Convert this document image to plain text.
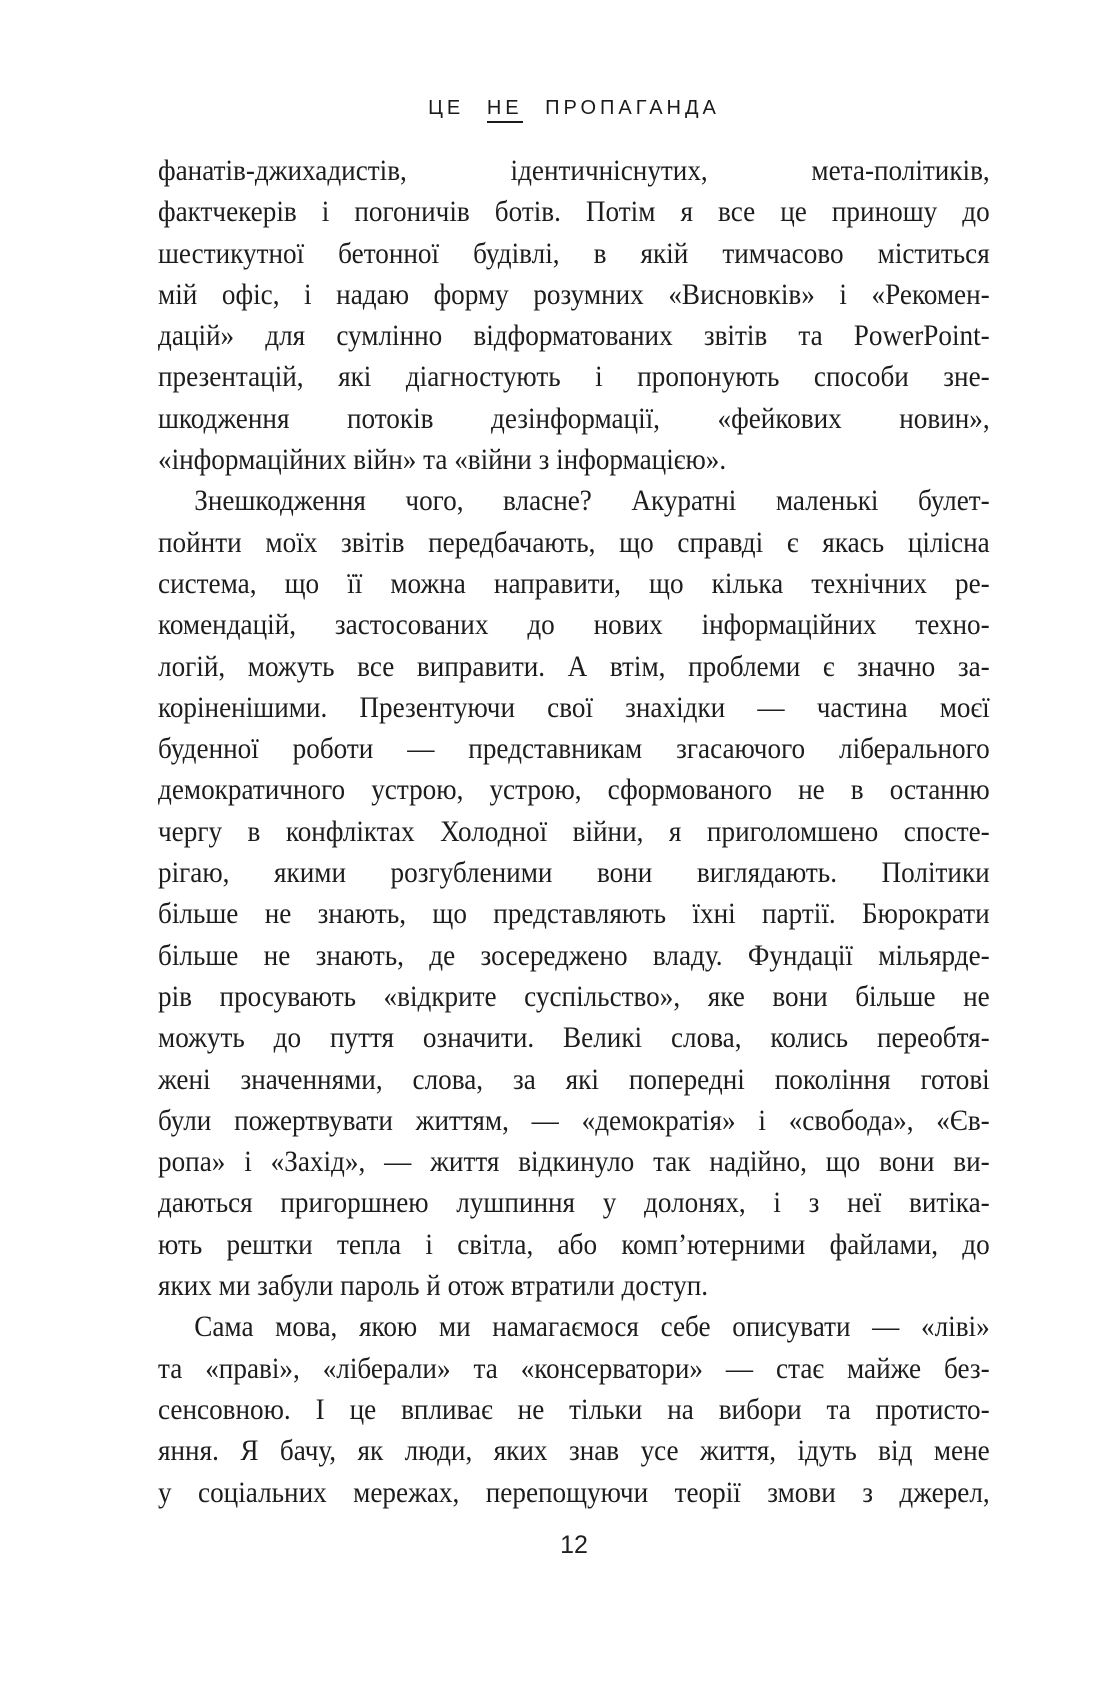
ЦЕ НЕ ПРОПАГАНДА
фанатів-джихадистів, ідентичніснутих, мета-політиків,
фактчекерів і погоничів ботів. Потім я все це приношу до
шестикутної бетонної будівлі, в якій тимчасово міститься
мій офіс, і надаю форму розумних «Висновків» і «Рекомен-
дацій» для сумлінно відформатованих звітів та PowerPoint-
презентацій, які діагностують і пропонують способи зне-
шкодження потоків дезінформації, «фейкових новин»,
«інформаційних війн» та «війни з інформацією».
Знешкодження чого, власне? Акуратні маленькі булет-
пойнти моїх звітів передбачають, що справді є якась цілісна
система, що її можна направити, що кілька технічних ре-
комендацій, застосованих до нових інформаційних техно-
логій, можуть все виправити. А втім, проблеми є значно за-
коріненішими. Презентуючи свої знахідки — частина моєї
буденної роботи — представникам згасаючого ліберального
демократичного устрою, устрою, сформованого не в останню
чергу в конфліктах Холодної війни, я приголомшено спосте-
рігаю, якими розгубленими вони виглядають. Політики
більше не знають, що представляють їхні партії. Бюрократи
більше не знають, де зосереджено владу. Фундації мільярде-
рів просувають «відкрите суспільство», яке вони більше не
можуть до пуття означити. Великі слова, колись переобтя-
жені значеннями, слова, за які попередні покоління готові
були пожертвувати життям, — «демократія» і «свобода», «Єв-
ропа» і «Захід», — життя відкинуло так надійно, що вони ви-
даються пригоршнею лушпиння у долонях, і з неї витіка-
ють рештки тепла і світла, або комп’ютерними файлами, до
яких ми забули пароль й отож втратили доступ.
Сама мова, якою ми намагаємося себе описувати — «ліві»
та «праві», «ліберали» та «консерватори» — стає майже без-
сенсовною. І це впливає не тільки на вибори та протисто-
яння. Я бачу, як люди, яких знав усе життя, ідуть від мене
у соціальних мережах, перепощуючи теорії змови з джерел,
12
